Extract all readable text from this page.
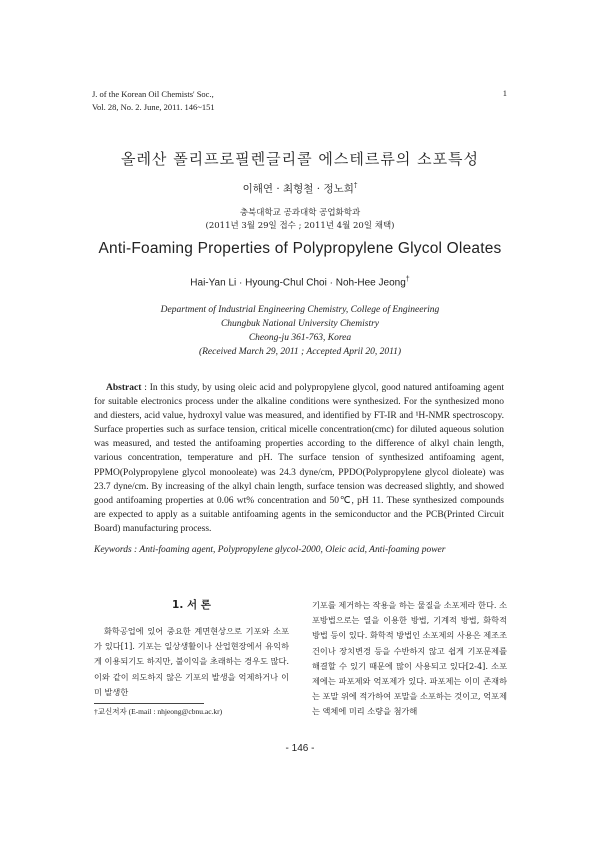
J. of the Korean Oil Chemists' Soc.,
Vol. 28, No. 2. June, 2011. 146~151
1
올레산 폴리프로필렌글리콜 에스테르류의 소포특성
이해연 · 최형철 · 정노희†
충북대학교 공과대학 공업화학과
(2011년 3월 29일 접수 ; 2011년 4월 20일 채택)
Anti-Foaming Properties of Polypropylene Glycol Oleates
Hai-Yan Li · Hyoung-Chul Choi · Noh-Hee Jeong†
Department of Industrial Engineering Chemistry, College of Engineering
Chungbuk National University Chemistry
Cheong-ju 361-763, Korea
(Received March 29, 2011 ; Accepted April 20, 2011)
Abstract : In this study, by using oleic acid and polypropylene glycol, good natured antifoaming agent for suitable electronics process under the alkaline conditions were synthesized. For the synthesized mono and diesters, acid value, hydroxyl value was measured, and identified by FT-IR and ¹H-NMR spectroscopy. Surface properties such as surface tension, critical micelle concentration(cmc) for diluted aqueous solution was measured, and tested the antifoaming properties according to the difference of alkyl chain length, various concentration, temperature and pH. The surface tension of synthesized antifoaming agent, PPMO(Polypropylene glycol monooleate) was 24.3 dyne/cm, PPDO(Polypropylene glycol dioleate) was 23.7 dyne/cm. By increasing of the alkyl chain length, surface tension was decreased slightly, and showed good antifoaming properties at 0.06 wt% concentration and 50℃, pH 11. These synthesized compounds are expected to apply as a suitable antifoaming agents in the semiconductor and the PCB(Printed Circuit Board) manufacturing process.
Keywords : Anti-foaming agent, Polypropylene glycol-2000, Oleic acid, Anti-foaming power
1. 서 론
화학공업에 있어 중요한 계면현상으로 기포와 소포가 있다[1]. 기포는 일상생활이나 산업현장에서 유익하게 이용되기도 하지만, 불이익을 초래하는 경우도 많다. 이와 같이 의도하지 않은 기포의 발생을 억제하거나 이미 발생한
기포를 제거하는 작용을 하는 물질을 소포제라 한다. 소포방법으로는 열을 이용한 방법, 기계적 방법, 화학적 방법 등이 있다. 화학적 방법인 소포제의 사용은 제조조건이나 장치변경 등을 수반하지 않고 쉽게 기포문제를 해결할 수 있기 때문에 많이 사용되고 있다[2-4]. 소포제에는 파포제와 억포제가 있다. 파포제는 이미 존재하는 포말 위에 적가하여 포말을 소포하는 것이고, 억포제는 액체에 미리 소량을 첨가해
†교신저자 (E-mail : nhjeong@cbnu.ac.kr)
- 146 -
